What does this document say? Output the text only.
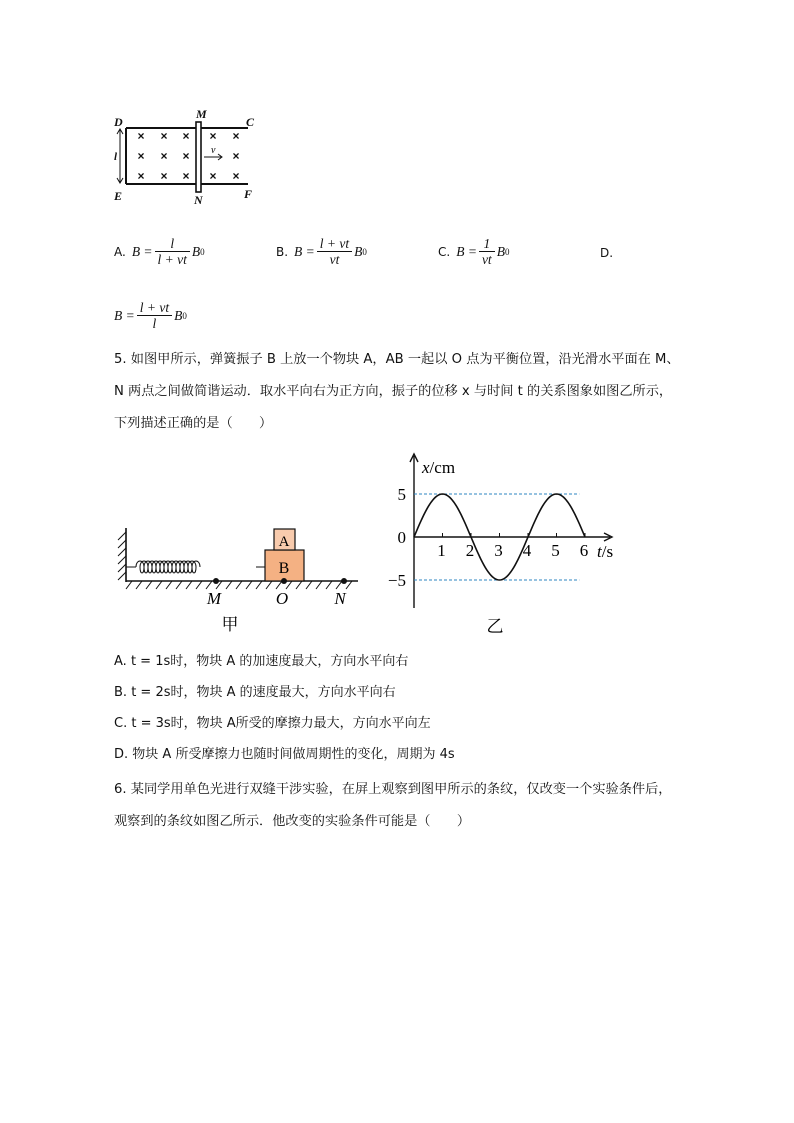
× × × × ×
× × ×	×
× × × × ×
v
D
M
C
l
E	N	F
A. $B = \frac{l}{l + vt}$ B 0	B. $B = \frac{l + vt}{vt}$ B 0	C. $B = \frac{1}{vt}$ B 0	D.
$B = \frac{l + vt}{l}$ B 0
5. 如图甲所示，弹簧振子 B 上放一个物块 A，AB 一起以 O 点为平衡位置，沿光滑水平面在 M、
N 两点之间做简谐运动．取水平向右为正方向，振子的位移 x 与时间 t 的关系图象如图乙所示，
下列描述正确的是（　　）
B
A
M	O	N
甲
1 2 3 4 5 6
5
0
−5
x/cm
t/s
乙
A. t = 1s时，物块 A 的加速度最大，方向水平向右
B. t = 2s时，物块 A 的速度最大，方向水平向右
C. t = 3s时，物块 A所受的摩擦力最大，方向水平向左
D. 物块 A 所受摩擦力也随时间做周期性的变化，周期为 4s
6. 某同学用单色光进行双缝干涉实验，在屏上观察到图甲所示的条纹，仅改变一个实验条件后，
观察到的条纹如图乙所示．他改变的实验条件可能是（　　）
